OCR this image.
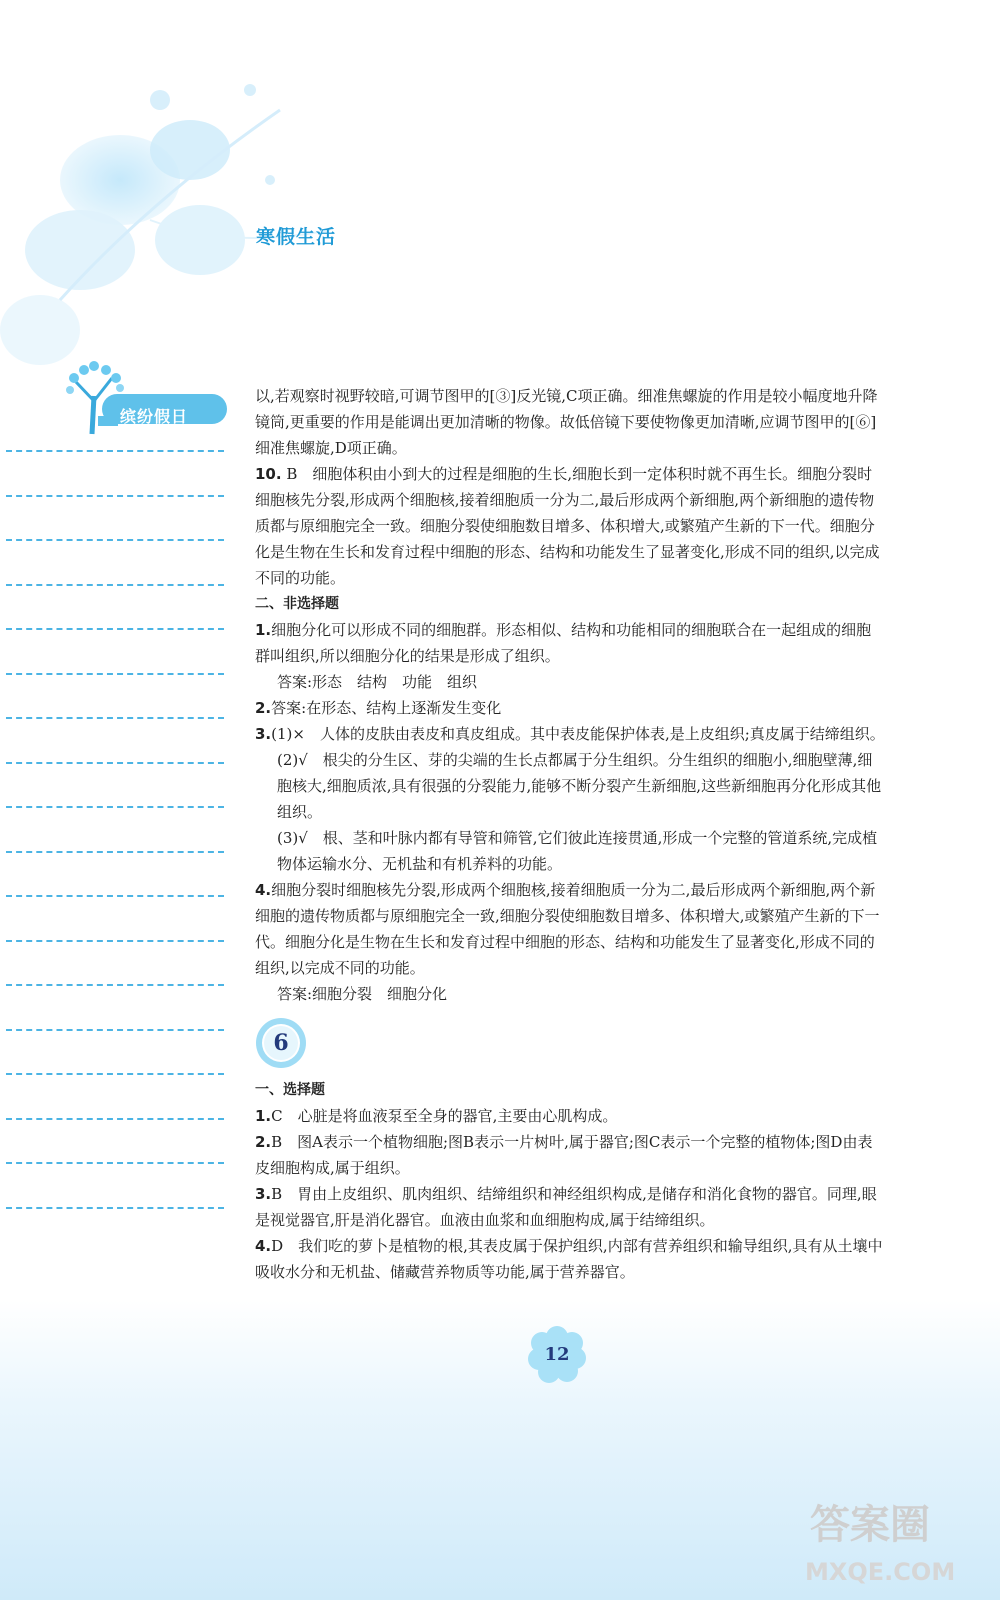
寒假生活
缤纷假日

以,若观察时视野较暗,可调节图甲的[③]反光镜,C项正确。细准焦螺旋的作用是较小幅度地升降镜筒,更重要的作用是能调出更加清晰的物像。故低倍镜下要使物像更加清晰,应调节图甲的[⑥]细准焦螺旋,D项正确。

10. B　细胞体积由小到大的过程是细胞的生长,细胞长到一定体积时就不再生长。细胞分裂时细胞核先分裂,形成两个细胞核,接着细胞质一分为二,最后形成两个新细胞,两个新细胞的遗传物质都与原细胞完全一致。细胞分裂使细胞数目增多、体积增大,或繁殖产生新的下一代。细胞分化是生物在生长和发育过程中细胞的形态、结构和功能发生了显著变化,形成不同的组织,以完成不同的功能。

二、非选择题

1.细胞分化可以形成不同的细胞群。形态相似、结构和功能相同的细胞联合在一起组成的细胞群叫组织,所以细胞分化的结果是形成了组织。

答案:形态　结构　功能　组织

2.答案:在形态、结构上逐渐发生变化

3.(1)×　人体的皮肤由表皮和真皮组成。其中表皮能保护体表,是上皮组织;真皮属于结缔组织。

(2)√　根尖的分生区、芽的尖端的生长点都属于分生组织。分生组织的细胞小,细胞壁薄,细胞核大,细胞质浓,具有很强的分裂能力,能够不断分裂产生新细胞,这些新细胞再分化形成其他组织。

(3)√　根、茎和叶脉内都有导管和筛管,它们彼此连接贯通,形成一个完整的管道系统,完成植物体运输水分、无机盐和有机养料的功能。

4.细胞分裂时细胞核先分裂,形成两个细胞核,接着细胞质一分为二,最后形成两个新细胞,两个新细胞的遗传物质都与原细胞完全一致,细胞分裂使细胞数目增多、体积增大,或繁殖产生新的下一代。细胞分化是生物在生长和发育过程中细胞的形态、结构和功能发生了显著变化,形成不同的组织,以完成不同的功能。

答案:细胞分裂　细胞分化

6

一、选择题

1.C　心脏是将血液泵至全身的器官,主要由心肌构成。

2.B　图A表示一个植物细胞;图B表示一片树叶,属于器官;图C表示一个完整的植物体;图D由表皮细胞构成,属于组织。

3.B　胃由上皮组织、肌肉组织、结缔组织和神经组织构成,是储存和消化食物的器官。同理,眼是视觉器官,肝是消化器官。血液由血浆和血细胞构成,属于结缔组织。

4.D　我们吃的萝卜是植物的根,其表皮属于保护组织,内部有营养组织和输导组织,具有从土壤中吸收水分和无机盐、储藏营养物质等功能,属于营养器官。

12
答案圈
MXQE.COM
